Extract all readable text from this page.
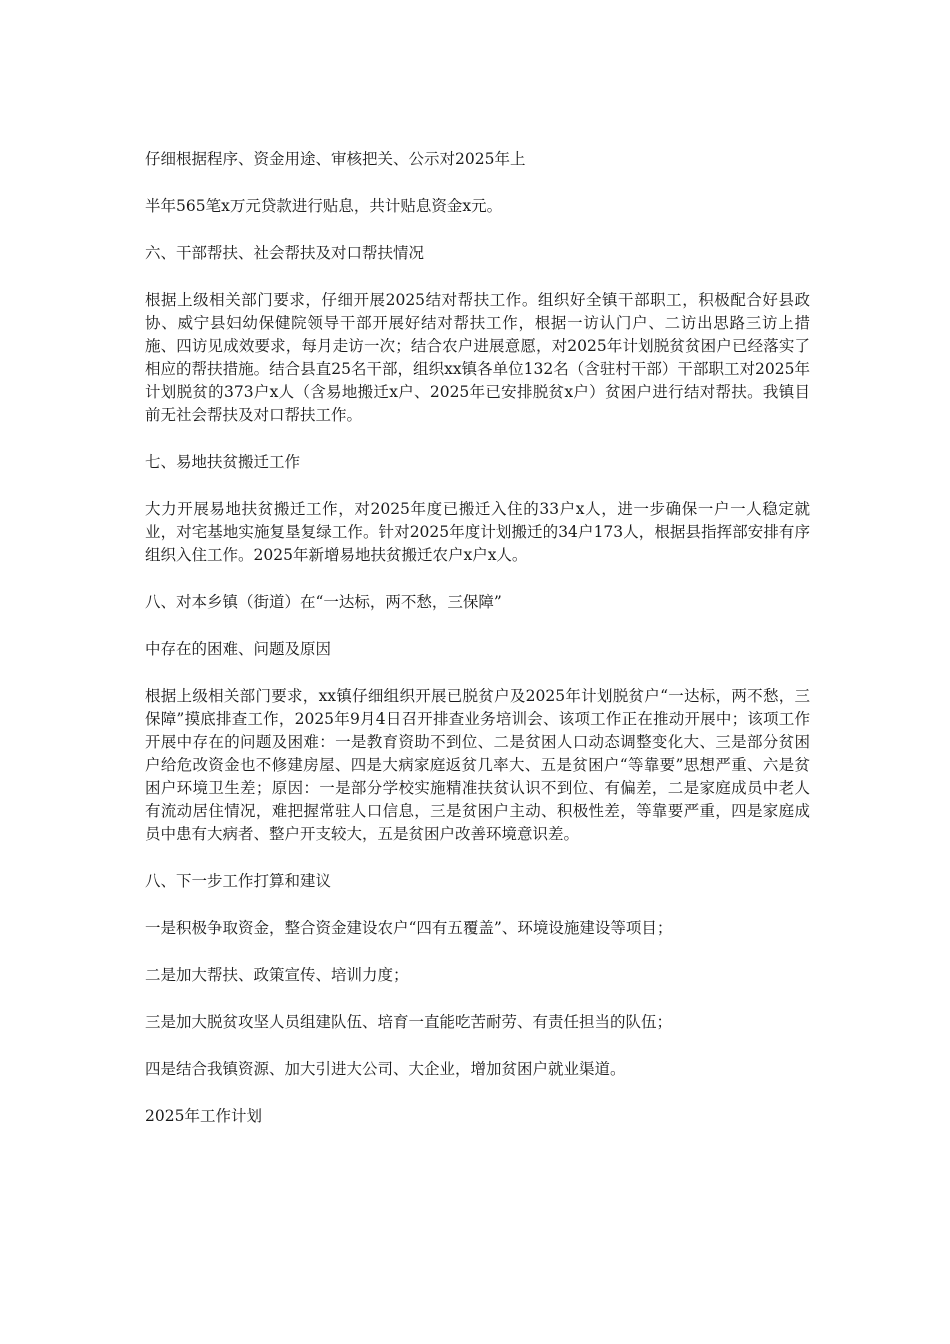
仔细根据程序、资金用途、审核把关、公示对2025年上

半年565笔x万元贷款进行贴息，共计贴息资金x元。

六、干部帮扶、社会帮扶及对口帮扶情况

根据上级相关部门要求，仔细开展2025结对帮扶工作。组织好全镇干部职工，积极配合好县政协、威宁县妇幼保健院领导干部开展好结对帮扶工作，根据一访认门户、二访出思路三访上措施、四访见成效要求，每月走访一次；结合农户进展意愿，对2025年计划脱贫贫困户已经落实了相应的帮扶措施。结合县直25名干部，组织xx镇各单位132名（含驻村干部）干部职工对2025年计划脱贫的373户x人（含易地搬迁x户、2025年已安排脱贫x户）贫困户进行结对帮扶。我镇目前无社会帮扶及对口帮扶工作。

七、易地扶贫搬迁工作

大力开展易地扶贫搬迁工作，对2025年度已搬迁入住的33户x人，进一步确保一户一人稳定就业，对宅基地实施复垦复绿工作。针对2025年度计划搬迁的34户173人，根据县指挥部安排有序组织入住工作。2025年新增易地扶贫搬迁农户x户x人。

八、对本乡镇（街道）在“一达标，两不愁，三保障”

中存在的困难、问题及原因

根据上级相关部门要求，xx镇仔细组织开展已脱贫户及2025年计划脱贫户“一达标，两不愁，三保障”摸底排查工作，2025年9月4日召开排查业务培训会、该项工作正在推动开展中；该项工作开展中存在的问题及困难：一是教育资助不到位、二是贫困人口动态调整变化大、三是部分贫困户给危改资金也不修建房屋、四是大病家庭返贫几率大、五是贫困户“等靠要”思想严重、六是贫困户环境卫生差；原因：一是部分学校实施精准扶贫认识不到位、有偏差，二是家庭成员中老人有流动居住情况，难把握常驻人口信息，三是贫困户主动、积极性差，等靠要严重，四是家庭成员中患有大病者、整户开支较大，五是贫困户改善环境意识差。

八、下一步工作打算和建议

一是积极争取资金，整合资金建设农户“四有五覆盖”、环境设施建设等项目；

二是加大帮扶、政策宣传、培训力度；

三是加大脱贫攻坚人员组建队伍、培育一直能吃苦耐劳、有责任担当的队伍；

四是结合我镇资源、加大引进大公司、大企业，增加贫困户就业渠道。

2025年工作计划
